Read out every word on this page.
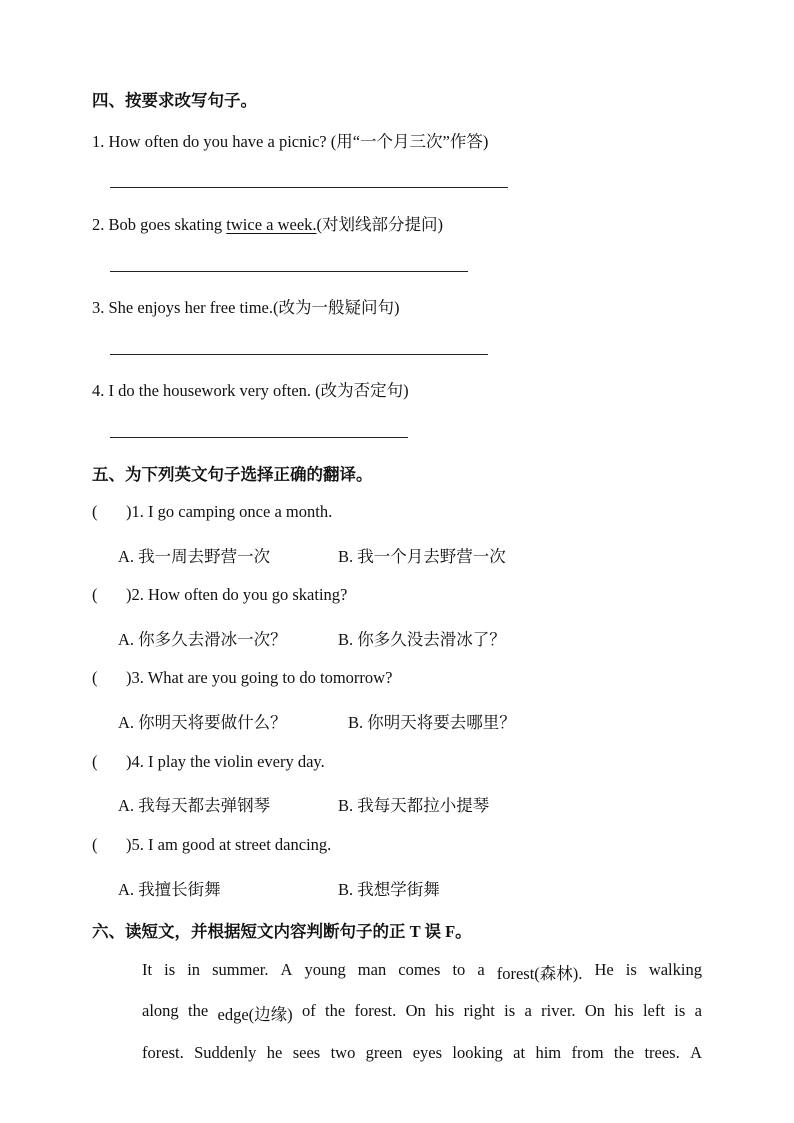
四、按要求改写句子。
1. How often do you have a picnic? (用“一个月三次”作答)
2. Bob goes skating twice a week.(对划线部分提问)
3. She enjoys her free time.(改为一般疑问句)
4. I do the housework very often. (改为否定句)
五、为下列英文句子选择正确的翻译。
( )1. I go camping once a month.
A. 我一周去野营一次	B. 我一个月去野营一次
( )2. How often do you go skating?
A. 你多久去滑冰一次？	B. 你多久没去滑冰了？
( )3. What are you going to do tomorrow?
A. 你明天将要做什么？	B. 你明天将要去哪里？
( )4. I play the violin every day.
A. 我每天都去弹钢琴	B. 我每天都拉小提琴
( )5. I am good at street dancing.
A. 我擅长街舞	B. 我想学街舞
六、读短文，并根据短文内容判断句子的正 T 误 F。
It is in summer. A young man comes to a forest(森林). He is walking
along the edge(边缘) of the forest. On his right is a river. On his left is a
forest. Suddenly he sees two green eyes looking at him from the trees. A
